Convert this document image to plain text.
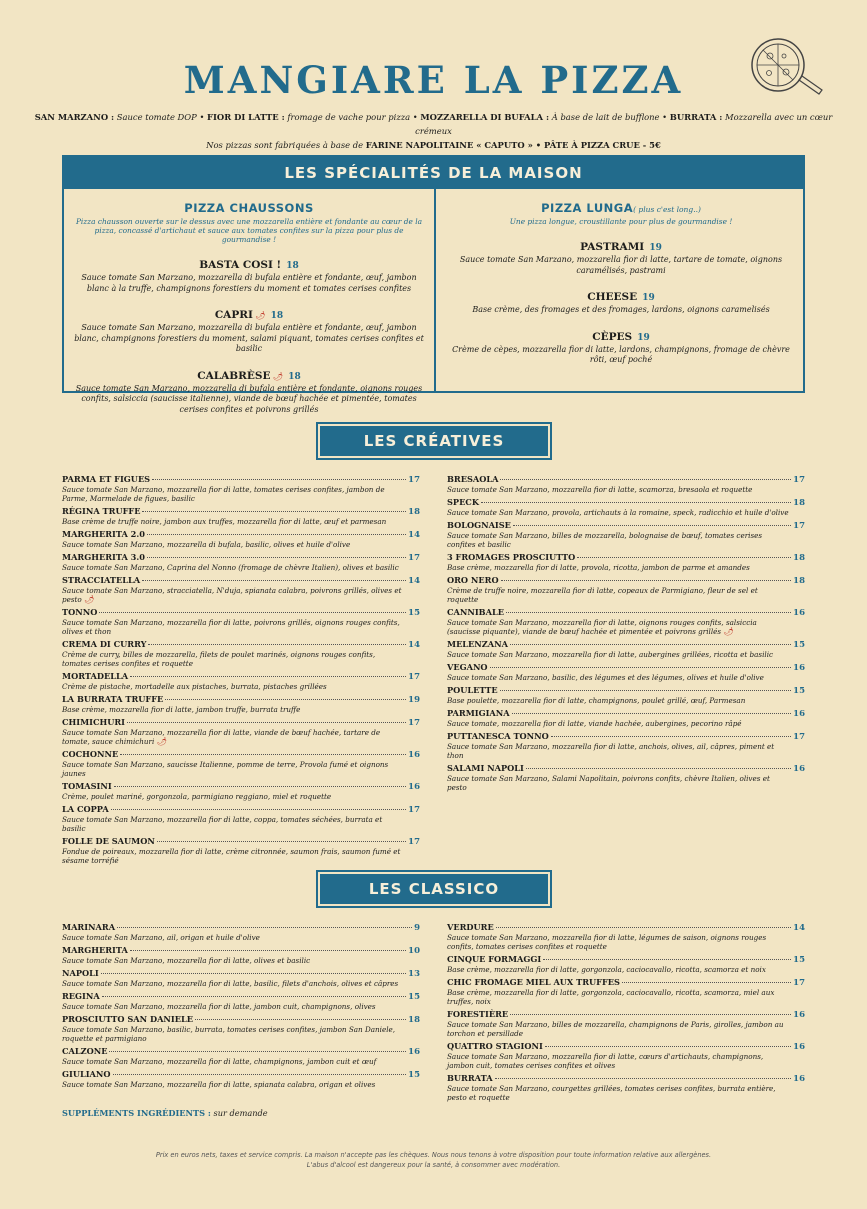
MANGIARE LA PIZZA
SAN MARZANO : Sauce tomate DOP • FIOR DI LATTE : fromage de vache pour pizza • MOZZARELLA DI BUFALA : À base de lait de bufflone • BURRATA : Mozzarella avec un cœur crémeux
Nos pizzas sont fabriquées à base de FARINE NAPOLITAINE « CAPUTO » • PÂTE À PIZZA CRUE - 5€
LES SPÉCIALITÉS DE LA MAISON
PIZZA CHAUSSONS
Pizza chausson ouverte sur le dessus avec une mozzarella entière et fondante au cœur de la pizza, concassé d'artichaut et sauce aux tomates confites sur la pizza pour plus de gourmandise !
BASTA COSI ! 18
Sauce tomate San Marzano, mozzarella di bufala entière et fondante, œuf, jambon blanc à la truffe, champignons forestiers du moment et tomates cerises confites
CAPRI 🌶 18
Sauce tomate San Marzano, mozzarella di bufala entière et fondante, œuf, jambon blanc, champignons forestiers du moment, salami piquant, tomates cerises confites et basilic
CALABRÈSE 🌶 18
Sauce tomate San Marzano, mozzarella di bufala entière et fondante, oignons rouges confits, salsiccia (saucisse italienne), viande de bœuf hachée et pimentée, tomates cerises confites et poivrons grillés
PIZZA LUNGA( plus c'est long..)
Une pizza longue, croustillante pour plus de gourmandise !
PASTRAMI 19
Sauce tomate San Marzano, mozzarella fior di latte, tartare de tomate, oignons caramélisés, pastrami
CHEESE 19
Base crème, des fromages et des fromages, lardons, oignons caramelisés
CÈPES 19
Crème de cèpes, mozzarella fior di latte, lardons, champignons, fromage de chèvre rôti, œuf poché
LES CRÉATIVES
PARMA ET FIGUES	17
Sauce tomate San Marzano, mozzarella fior di latte, tomates cerises confites, jambon de Parme, Marmelade de figues, basilic
RÉGINA TRUFFE	18
Base crème de truffe noire, jambon aux truffes, mozzarella fior di latte, œuf et parmesan
MARGHERITA 2.0	14
Sauce tomate San Marzano, mozzarella di bufala, basilic, olives et huile d'olive
MARGHERITA 3.0	17
Sauce tomate San Marzano, Caprina del Nonno (fromage de chèvre Italien), olives et basilic
STRACCIATELLA	14
Sauce tomate San Marzano, stracciatella, N'duja, spianata calabra, poivrons grillés, olives et pesto 🌶
TONNO	15
Sauce tomate San Marzano, mozzarella fior di latte, poivrons grillés, oignons rouges confits, olives et thon
CREMA DI CURRY	14
Crème de curry, billes de mozzarella, filets de poulet marinés, oignons rouges confits, tomates cerises confites et roquette
MORTADELLA	17
Crème de pistache, mortadelle aux pistaches, burrata, pistaches grillées
LA BURRATA TRUFFE	19
Base crème, mozzarella fior di latte, jambon truffe, burrata truffe
CHIMICHURI	17
Sauce tomate San Marzano, mozzarella fior di latte, viande de bœuf hachée, tartare de tomate, sauce chimichuri 🌶
COCHONNE	16
Sauce tomate San Marzano, saucisse Italienne, pomme de terre, Provola fumé et oignons jaunes
TOMASINI	16
Crème, poulet mariné, gorgonzola, parmigiano reggiano, miel et roquette
LA COPPA	17
Sauce tomate San Marzano, mozzarella fior di latte, coppa, tomates séchées, burrata et basilic
FOLLE DE SAUMON	17
Fondue de poireaux, mozzarella fior di latte, crème citronnée, saumon frais, saumon fumé et sésame torréfié
BRESAOLA	17
Sauce tomate San Marzano, mozzarella fior di latte, scamorza, bresaola et roquette
SPECK	18
Sauce tomate San Marzano, provola, artichauts à la romaine, speck, radicchio et huile d'olive
BOLOGNAISE	17
Sauce tomate San Marzano, billes de mozzarella, bolognaise de bœuf, tomates cerises confites et basilic
3 FROMAGES PROSCIUTTO	18
Base crème, mozzarella fior di latte, provola, ricotta, jambon de parme et amandes
ORO NERO	18
Crème de truffe noire, mozzarella fior di latte, copeaux de Parmigiano, fleur de sel et roquette
CANNIBALE	16
Sauce tomate San Marzano, mozzarella fior di latte, oignons rouges confits, salsiccia (saucisse piquante), viande de bœuf hachée et pimentée et poivrons grillés 🌶
MELENZANA	15
Sauce tomate San Marzano, mozzarella fior di latte, aubergines grillées, ricotta et basilic
VEGANO	16
Sauce tomate San Marzano, basilic, des légumes et des légumes, olives et huile d'olive
POULETTE	15
Base poulette, mozzarella fior di latte, champignons, poulet grillé, œuf, Parmesan
PARMIGIANA	16
Sauce tomate, mozzarella fior di latte, viande hachée, aubergines, pecorino râpé
PUTTANESCA TONNO	17
Sauce tomate San Marzano, mozzarella fior di latte, anchois, olives, ail, câpres, piment et thon
SALAMI NAPOLI	16
Sauce tomate San Marzano, Salami Napolitain, poivrons confits, chèvre Italien, olives et pesto
LES CLASSICO
MARINARA	9
Sauce tomate San Marzano, ail, origan et huile d'olive
MARGHERITA	10
Sauce tomate San Marzano, mozzarella fior di latte, olives et basilic
NAPOLI	13
Sauce tomate San Marzano, mozzarella fior di latte, basilic, filets d'anchois, olives et câpres
REGINA	15
Sauce tomate San Marzano, mozzarella fior di latte, jambon cuit, champignons, olives
PROSCIUTTO SAN DANIELE	18
Sauce tomate San Marzano, basilic, burrata, tomates cerises confites, jambon San Daniele, roquette et parmigiano
CALZONE	16
Sauce tomate San Marzano, mozzarella fior di latte, champignons, jambon cuit et œuf
GIULIANO	15
Sauce tomate San Marzano, mozzarella fior di latte, spianata calabra, origan et olives
VERDURE	14
Sauce tomate San Marzano, mozzarella fior di latte, légumes de saison, oignons rouges confits, tomates cerises confites et roquette
CINQUE FORMAGGI	15
Base crème, mozzarella fior di latte, gorgonzola, caciocavallo, ricotta, scamorza et noix
CHIC FROMAGE MIEL AUX TRUFFES	17
Base crème, mozzarella fior di latte, gorgonzola, caciocavallo, ricotta, scamorza, miel aux truffes, noix
FORESTIÈRE	16
Sauce tomate San Marzano, billes de mozzarella, champignons de Paris, girolles, jambon au torchon et persillade
QUATTRO STAGIONI	16
Sauce tomate San Marzano, mozzarella fior di latte, cœurs d'artichauts, champignons, jambon cuit, tomates cerises confites et olives
BURRATA	16
Sauce tomate San Marzano, courgettes grillées, tomates cerises confites, burrata entière, pesto et roquette
SUPPLÉMENTS INGRÉDIENTS : sur demande
Prix en euros nets, taxes et service compris. La maison n'accepte pas les chèques. Nous nous tenons à votre disposition pour toute information relative aux allergènes.
L'abus d'alcool est dangereux pour la santé, à consommer avec modération.
